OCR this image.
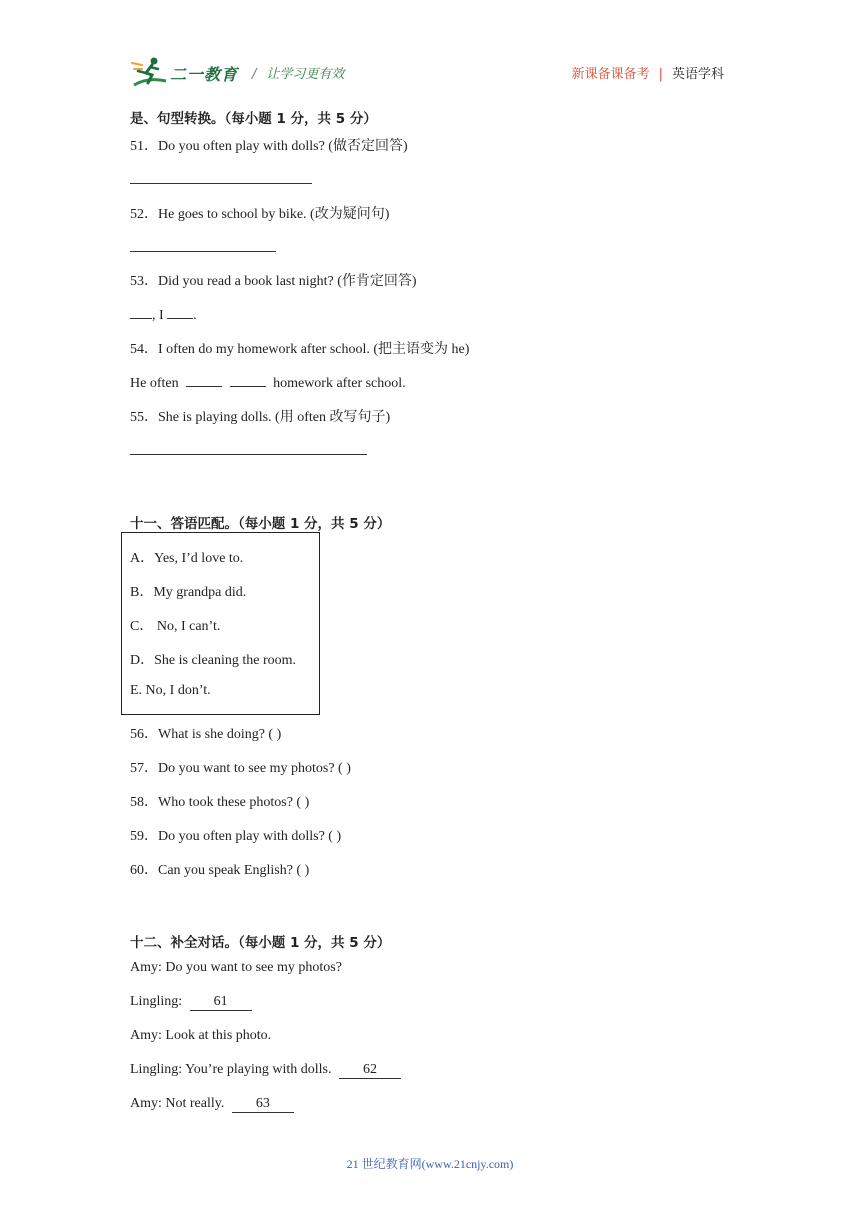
二一教育 / 让学习更有效	新课备课备考 | 英语学科
是、句型转换。（每小题 1 分，共 5 分）
51．Do you often play with dolls? (做否定回答)
52．He goes to school by bike. (改为疑问句)
53．Did you read a book last night? (作肯定回答)
, I .
54．I often do my homework after school. (把主语变为 he)
He often	homework after school.
55．She is playing dolls. (用 often 改写句子)
十一、答语匹配。（每小题 1 分，共 5 分）
A．Yes, I’d love to.
B．My grandpa did.
C． No, I can’t.
D．She is cleaning the room.
E. No, I don’t.
56．What is she doing? ( )
57．Do you want to see my photos? ( )
58．Who took these photos? ( )
59．Do you often play with dolls? ( )
60．Can you speak English? ( )
十二、补全对话。（每小题 1 分，共 5 分）
Amy: Do you want to see my photos?
Lingling: 61
Amy: Look at this photo.
Lingling: You’re playing with dolls. 62
Amy: Not really. 63
21 世纪教育网(www.21cnjy.com)
